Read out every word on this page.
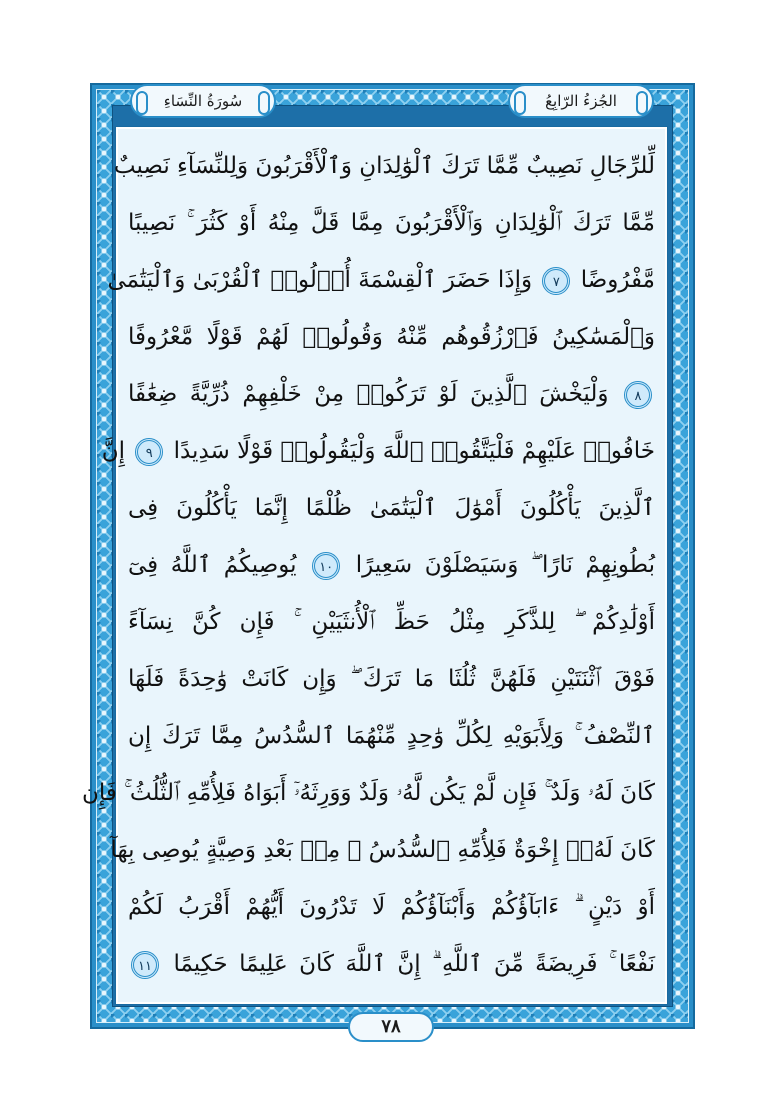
الجُزءُ الرّابِعُ
سُورَةُ النِّسَاءِ
لِّلرِّجَالِ نَصِيبٌ مِّمَّا تَرَكَ ٱلْوَٰلِدَانِ وَٱلْأَقْرَبُونَ وَلِلنِّسَآءِ نَصِيبٌ
مِّمَّا تَرَكَ ٱلْوَٰلِدَانِ وَٱلْأَقْرَبُونَ مِمَّا قَلَّ مِنْهُ أَوْ كَثُرَ ۚ نَصِيبًا
مَّفْرُوضًا ٧ وَإِذَا حَضَرَ ٱلْقِسْمَةَ أُو۟لُوا۟ ٱلْقُرْبَىٰ وَٱلْيَتَٰمَىٰ
وَٱلْمَسَٰكِينُ فَٱرْزُقُوهُم مِّنْهُ وَقُولُوا۟ لَهُمْ قَوْلًا مَّعْرُوفًا
٨ وَلْيَخْشَ ٱلَّذِينَ لَوْ تَرَكُوا۟ مِنْ خَلْفِهِمْ ذُرِّيَّةً ضِعَٰفًا
خَافُوا۟ عَلَيْهِمْ فَلْيَتَّقُوا۟ ٱللَّهَ وَلْيَقُولُوا۟ قَوْلًا سَدِيدًا ٩ إِنَّ
ٱلَّذِينَ يَأْكُلُونَ أَمْوَٰلَ ٱلْيَتَٰمَىٰ ظُلْمًا إِنَّمَا يَأْكُلُونَ فِى
بُطُونِهِمْ نَارًا ۖ وَسَيَصْلَوْنَ سَعِيرًا ١٠ يُوصِيكُمُ ٱللَّهُ فِىٓ
أَوْلَٰدِكُمْ ۖ لِلذَّكَرِ مِثْلُ حَظِّ ٱلْأُنثَيَيْنِ ۚ فَإِن كُنَّ نِسَآءً
فَوْقَ ٱثْنَتَيْنِ فَلَهُنَّ ثُلُثَا مَا تَرَكَ ۖ وَإِن كَانَتْ وَٰحِدَةً فَلَهَا
ٱلنِّصْفُ ۚ وَلِأَبَوَيْهِ لِكُلِّ وَٰحِدٍ مِّنْهُمَا ٱلسُّدُسُ مِمَّا تَرَكَ إِن
كَانَ لَهُۥ وَلَدٌ ۚ فَإِن لَّمْ يَكُن لَّهُۥ وَلَدٌ وَوَرِثَهُۥٓ أَبَوَاهُ فَلِأُمِّهِ ٱلثُّلُثُ ۚ فَإِن
كَانَ لَهُۥٓ إِخْوَةٌ فَلِأُمِّهِ ٱلسُّدُسُ ۚ مِنۢ بَعْدِ وَصِيَّةٍ يُوصِى بِهَآ
أَوْ دَيْنٍ ۗ ءَابَآؤُكُمْ وَأَبْنَآؤُكُمْ لَا تَدْرُونَ أَيُّهُمْ أَقْرَبُ لَكُمْ
نَفْعًا ۚ فَرِيضَةً مِّنَ ٱللَّهِ ۗ إِنَّ ٱللَّهَ كَانَ عَلِيمًا حَكِيمًا ١١
٧٨
